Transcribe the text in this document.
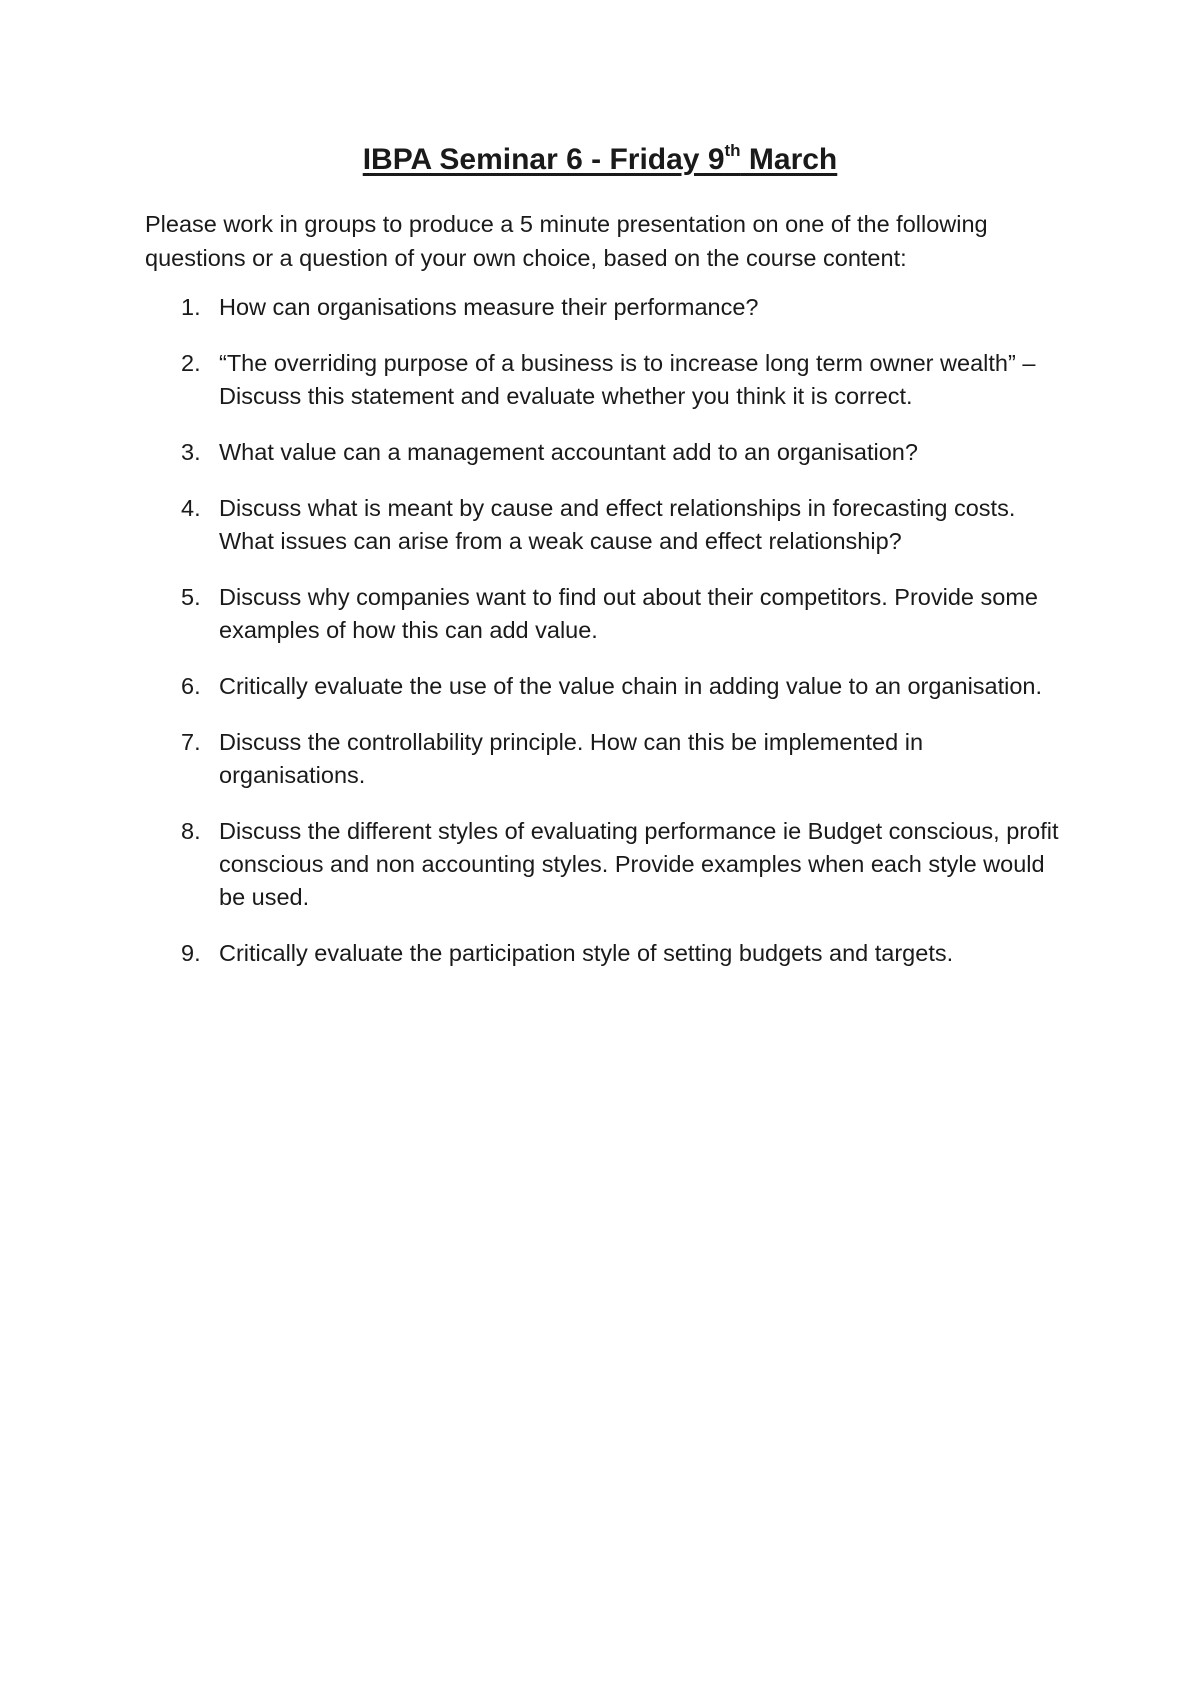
IBPA Seminar 6 - Friday 9th March

Please work in groups to produce a 5 minute presentation on one of the following questions or a question of your own choice, based on the course content:

1. How can organisations measure their performance?
2. “The overriding purpose of a business is to increase long term owner wealth” – Discuss this statement and evaluate whether you think it is correct.
3. What value can a management accountant add to an organisation?
4. Discuss what is meant by cause and effect relationships in forecasting costs. What issues can arise from a weak cause and effect relationship?
5. Discuss why companies want to find out about their competitors. Provide some examples of how this can add value.
6. Critically evaluate the use of the value chain in adding value to an organisation.
7. Discuss the controllability principle. How can this be implemented in organisations.
8. Discuss the different styles of evaluating performance ie Budget conscious, profit conscious and non accounting styles. Provide examples when each style would be used.
9. Critically evaluate the participation style of setting budgets and targets.
